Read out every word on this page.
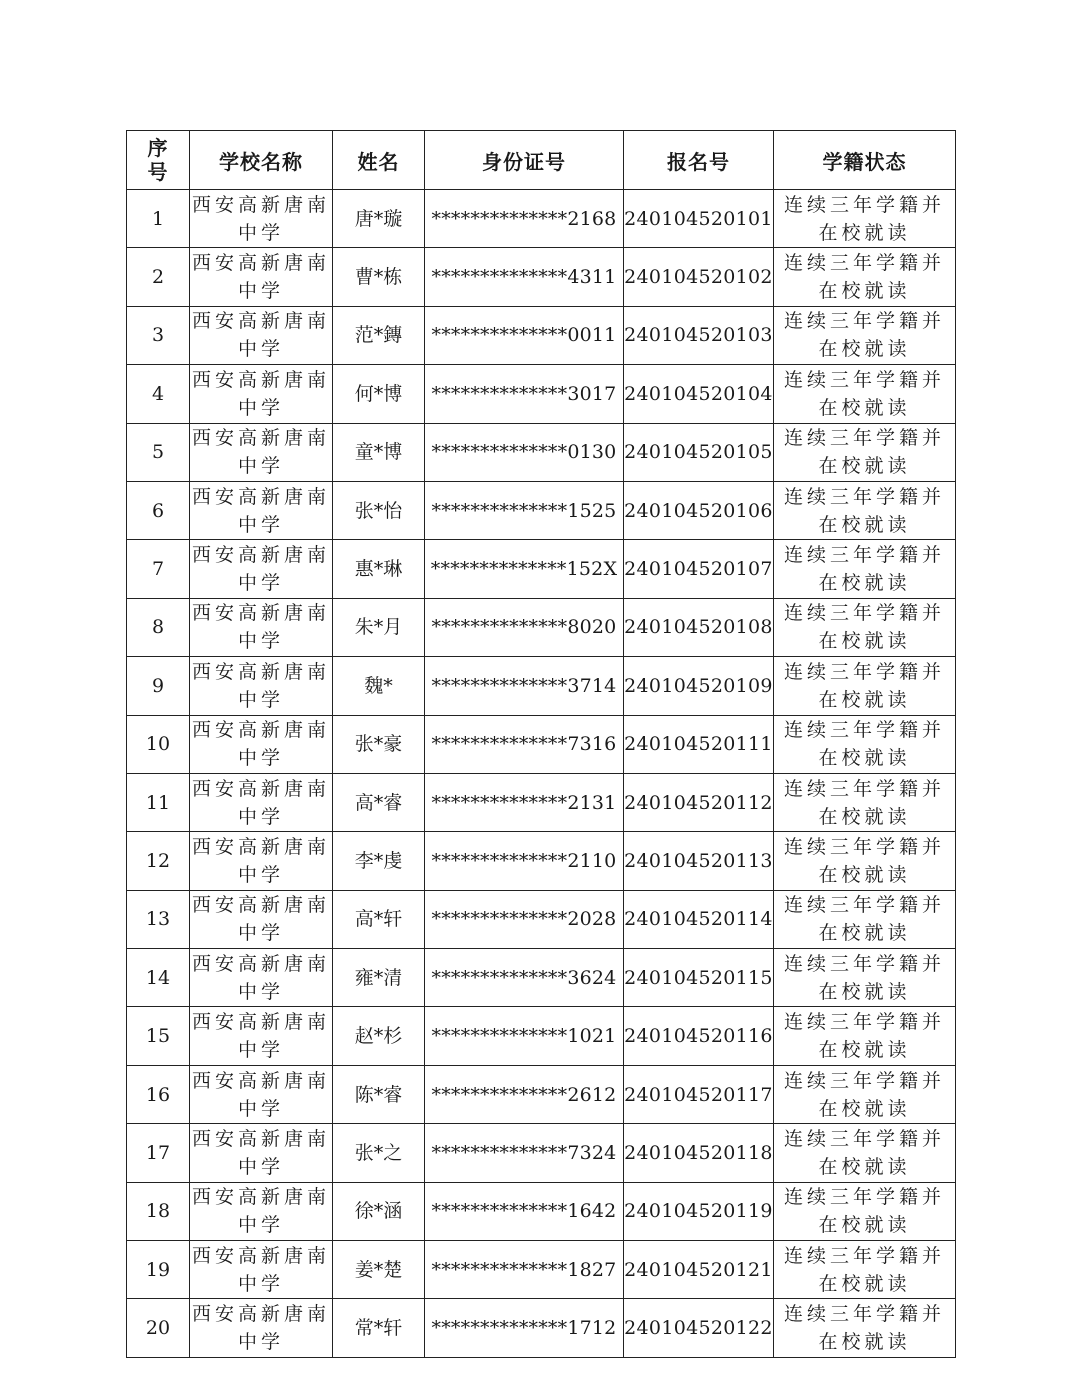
序号	学校名称	姓名	身份证号	报名号	学籍状态
1	西安高新唐南中学	唐*璇	**************2168	240104520101	连续三年学籍并在校就读
2	西安高新唐南中学	曹*栋	**************4311	240104520102	连续三年学籍并在校就读
3	西安高新唐南中学	范*鏄	**************0011	240104520103	连续三年学籍并在校就读
4	西安高新唐南中学	何*博	**************3017	240104520104	连续三年学籍并在校就读
5	西安高新唐南中学	童*博	**************0130	240104520105	连续三年学籍并在校就读
6	西安高新唐南中学	张*怡	**************1525	240104520106	连续三年学籍并在校就读
7	西安高新唐南中学	惠*琳	**************152X	240104520107	连续三年学籍并在校就读
8	西安高新唐南中学	朱*月	**************8020	240104520108	连续三年学籍并在校就读
9	西安高新唐南中学	魏*	**************3714	240104520109	连续三年学籍并在校就读
10	西安高新唐南中学	张*豪	**************7316	240104520111	连续三年学籍并在校就读
11	西安高新唐南中学	高*睿	**************2131	240104520112	连续三年学籍并在校就读
12	西安高新唐南中学	李*虔	**************2110	240104520113	连续三年学籍并在校就读
13	西安高新唐南中学	高*轩	**************2028	240104520114	连续三年学籍并在校就读
14	西安高新唐南中学	雍*清	**************3624	240104520115	连续三年学籍并在校就读
15	西安高新唐南中学	赵*杉	**************1021	240104520116	连续三年学籍并在校就读
16	西安高新唐南中学	陈*睿	**************2612	240104520117	连续三年学籍并在校就读
17	西安高新唐南中学	张*之	**************7324	240104520118	连续三年学籍并在校就读
18	西安高新唐南中学	徐*涵	**************1642	240104520119	连续三年学籍并在校就读
19	西安高新唐南中学	姜*楚	**************1827	240104520121	连续三年学籍并在校就读
20	西安高新唐南中学	常*轩	**************1712	240104520122	连续三年学籍并在校就读
